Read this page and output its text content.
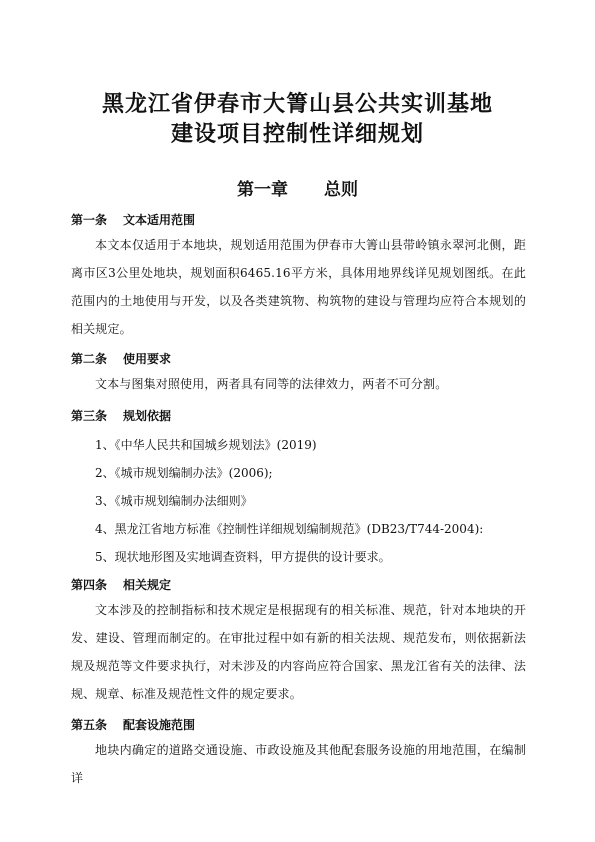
黑龙江省伊春市大箐山县公共实训基地
建设项目控制性详细规划
第一章 总则
第一条 文本适用范围
本文本仅适用于本地块，规划适用范围为伊春市大箐山县带岭镇永翠河北侧，距离市区3公里处地块，规划面积6465.16平方米，具体用地界线详见规划图纸。在此范围内的土地使用与开发，以及各类建筑物、构筑物的建设与管理均应符合本规划的相关规定。
第二条 使用要求
文本与图集对照使用，两者具有同等的法律效力，两者不可分割。
第三条 规划依据
1、《中华人民共和国城乡规划法》(2019)
2、《城市规划编制办法》(2006);
3、《城市规划编制办法细则》
4、黑龙江省地方标准《控制性详细规划编制规范》(DB23/T744-2004):
5、现状地形图及实地调查资料，甲方提供的设计要求。
第四条 相关规定
文本涉及的控制指标和技术规定是根据现有的相关标准、规范，针对本地块的开发、建设、管理而制定的。在审批过程中如有新的相关法规、规范发布，则依据新法规及规范等文件要求执行，对未涉及的内容尚应符合国家、黑龙江省有关的法律、法规、规章、标准及规范性文件的规定要求。
第五条 配套设施范围
地块内确定的道路交通设施、市政设施及其他配套服务设施的用地范围，在编制详
